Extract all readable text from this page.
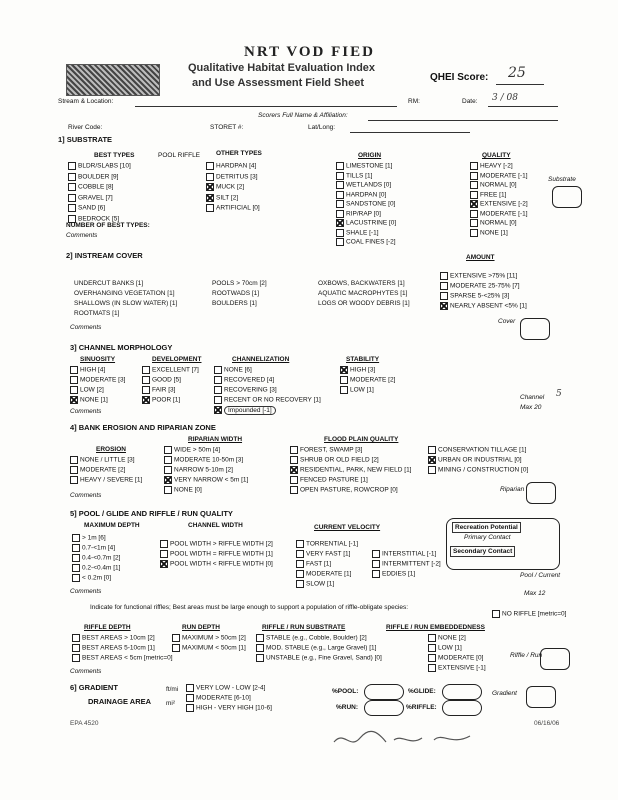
NRT VOD FIED
Qualitative Habitat Evaluation Index
and Use Assessment Field Sheet	QHEI Score: 25
Stream & Location:	RM:	Date: 3 / 08
Scorers Full Name & Affiliation:
River Code:	STORET #:	Lat/Long:
1] SUBSTRATE
BEST TYPES	POOL RIFFLE OTHER TYPES	ORIGIN	QUALITY
BLDR/SLABS [10]
BOULDER [9]
COBBLE [8]
GRAVEL [7]
SAND [6]
BEDROCK [5]
HARDPAN [4]
DETRITUS [3]
MUCK [2]
SILT [2]
ARTIFICIAL [0]
LIMESTONE [1]
TILLS [1]
WETLANDS [0]
HARDPAN [0]
SANDSTONE [0]
RIP/RAP [0]
LACUSTRINE [0]
SHALE [-1]
COAL FINES [-2]
HEAVY [-2]
MODERATE [-1]
NORMAL [0]
FREE [1]
EXTENSIVE [-2]
MODERATE [-1]
NORMAL [0]
NONE [1]
NUMBER OF BEST TYPES:
Comments
Substrate
2] INSTREAM COVER	AMOUNT
UNDERCUT BANKS [1]
OVERHANGING VEGETATION [1]
SHALLOWS (IN SLOW WATER) [1]
ROOTMATS [1]
POOLS > 70cm [2]
ROOTWADS [1]
BOULDERS [1]
OXBOWS, BACKWATERS [1]
AQUATIC MACROPHYTES [1]
LOGS OR WOODY DEBRIS [1]
EXTENSIVE >75% [11]
MODERATE 25-75% [7]
SPARSE 5-<25% [3]
NEARLY ABSENT <5% [1]
Comments
Cover
3] CHANNEL MORPHOLOGY
SINUOSITY	DEVELOPMENT	CHANNELIZATION	STABILITY
HIGH [4]
MODERATE [3]
LOW [2]
NONE [1]
EXCELLENT [7]
GOOD [5]
FAIR [3]
POOR [1]
NONE [6]
RECOVERED [4]
RECOVERING [3]
RECENT OR NO RECOVERY [1]
Impounded [-1]
HIGH [3]
MODERATE [2]
LOW [1]
Comments
Channel 5
Max 20
4] BANK EROSION AND RIPARIAN ZONE
RIPARIAN WIDTH	FLOOD PLAIN QUALITY
EROSION
NONE / LITTLE [3]
MODERATE [2]
HEAVY / SEVERE [1]
WIDE > 50m [4]
MODERATE 10-50m [3]
NARROW 5-10m [2]
VERY NARROW < 5m [1]
NONE [0]
FOREST, SWAMP [3]
SHRUB OR OLD FIELD [2]
RESIDENTIAL, PARK, NEW FIELD [1]
FENCED PASTURE [1]
OPEN PASTURE, ROWCROP [0]
CONSERVATION TILLAGE [1]
URBAN OR INDUSTRIAL [0]
MINING / CONSTRUCTION [0]
Comments
Riparian
5] POOL / GLIDE AND RIFFLE / RUN QUALITY
MAXIMUM DEPTH	CHANNEL WIDTH	CURRENT VELOCITY	Recreation Potential
Primary Contact
Secondary Contact
> 1m [6]
0.7-<1m [4]
0.4-<0.7m [2]
0.2-<0.4m [1]
< 0.2m [0]
POOL WIDTH > RIFFLE WIDTH [2]
POOL WIDTH = RIFFLE WIDTH [1]
POOL WIDTH < RIFFLE WIDTH [0]
TORRENTIAL [-1]
VERY FAST [1]
FAST [1]
MODERATE [1]
INTERSTITIAL [-1]
INTERMITTENT [-2]
EDDIES [1]
SLOW [1]
Comments
Pool / Current
Max 12
Indicate for functional riffles; Best areas must be large enough to support a population of riffle-obligate species:
NO RIFFLE [metric=0]
RIFFLE DEPTH	RUN DEPTH	RIFFLE / RUN SUBSTRATE	RIFFLE / RUN EMBEDDEDNESS
BEST AREAS > 10cm [2]
BEST AREAS 5-10cm [1]
BEST AREAS < 5cm [metric=0]
MAXIMUM > 50cm [2]
MAXIMUM < 50cm [1]
STABLE (e.g., Cobble, Boulder) [2]
MOD. STABLE (e.g., Large Gravel) [1]
UNSTABLE (e.g., Fine Gravel, Sand) [0]
NONE [2]
LOW [1]
MODERATE [0]
EXTENSIVE [-1]
Comments
Riffle / Run
6] GRADIENT	ft/mi
DRAINAGE AREA mi²
VERY LOW - LOW [2-4]
MODERATE [6-10]
HIGH - VERY HIGH [10-6]
%POOL:	%GLIDE:
%RUN:	%RIFFLE:
Gradient
EPA 4520	06/16/06
